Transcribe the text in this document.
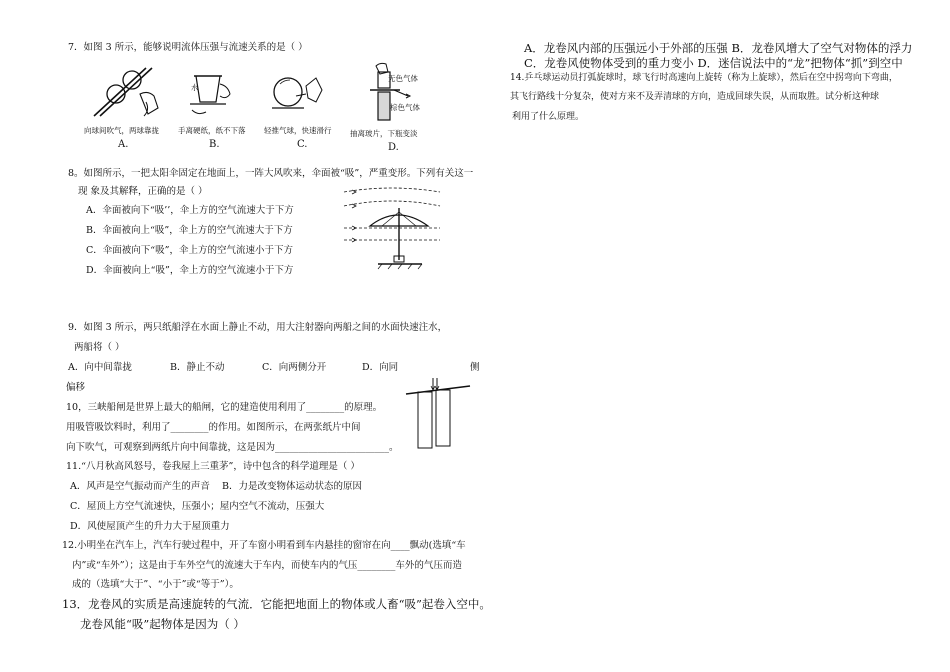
7．如图 3 所示，能够说明流体压强与流速关系的是（ ）
向球间吹气，两球靠拢
A.
水
手离硬纸，纸不下落
B.
轻推气球，快速滑行
C.
无色气体
棕色气体
抽离玻片，下瓶变淡
D.
8。如图所示，一把太阳伞固定在地面上，一阵大风吹来，伞面被“吸”，严重变形。下列有关这一
现 象及其解释，正确的是（ ）
A．伞面被向下“吸’’，伞上方的空气流速大于下方
B．伞面被向上“吸”，伞上方的空气流速大于下方
C．伞面被向下“吸”，伞上方的空气流速小于下方
D．伞面被向上“吸”，伞上方的空气流速小于下方
9．如图 3 所示，两只纸船浮在水面上静止不动，用大注射器向两船之间的水面快速注水，
两船将（ ）
A．向中间靠拢	B．静止不动	C．向两侧分开	D．向同	侧
偏移
10，三峡船闸是世界上最大的船闸，它的建造使用利用了________的原理。
用吸管吸饮料时，利用了________的作用。如图所示，在两张纸片中间
向下吹气，可观察到两纸片向中间靠拢，这是因为________________________。
11.“八月秋高风怒号，卷我屋上三重茅”，诗中包含的科学道理是（ ）
A．风声是空气振动而产生的声音 B．力是改变物体运动状态的原因
C．屋顶上方空气流速快，压强小；屋内空气不流动，压强大
D．风使屋顶产生的升力大于屋顶重力
12.小明坐在汽车上，汽车行驶过程中，开了车窗小明看到车内悬挂的窗帘在向____飘动(选填“车
内”或“车外”）；这是由于车外空气的流速大于车内，而使车内的气压________车外的气压而造
成的（选填“大于”、“小于”或“等于”）。
13．龙卷风的实质是高速旋转的气流．它能把地面上的物体或人畜“吸”起卷入空中。
龙卷风能“吸”起物体是因为（ ）
A．龙卷风内部的压强远小于外部的压强 B．龙卷风增大了空气对物体的浮力
C．龙卷风使物体受到的重力变小 D．迷信说法中的“龙”把物体“抓”到空中
14.乒乓球运动员打弧旋球时，球飞行时高速向上旋转（称为上旋球），然后在空中拐弯向下弯曲，
其飞行路线十分复杂，使对方来不及弄清球的方向，造成回球失误，从而取胜。试分析这种球
利用了什么原理。
